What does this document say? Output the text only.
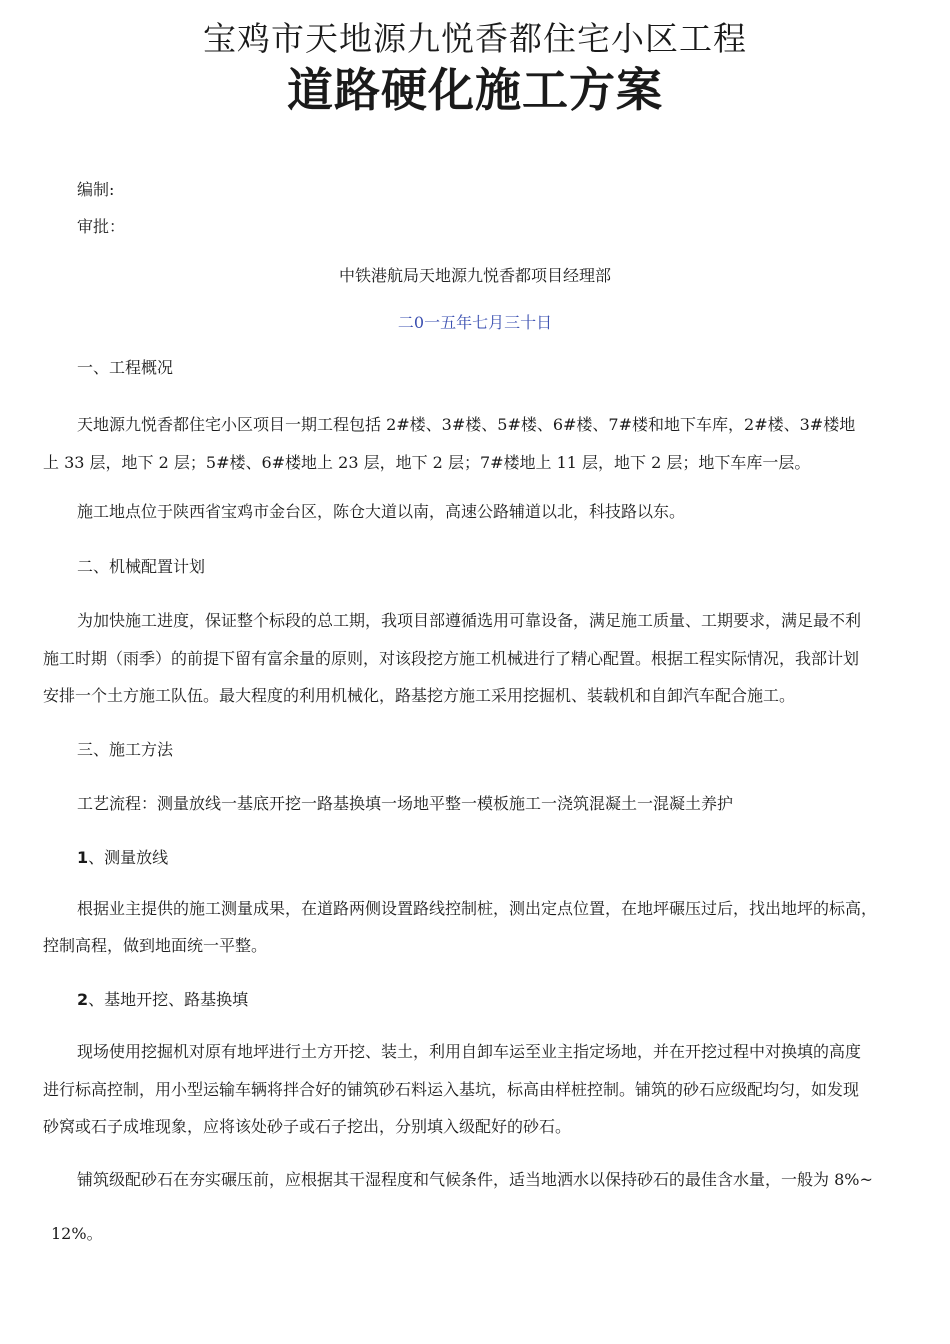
宝鸡市天地源九悦香都住宅小区工程
道路硬化施工方案
编制:
审批：
中铁港航局天地源九悦香都项目经理部
二0一五年七月三十日
一、工程概况
天地源九悦香都住宅小区项目一期工程包括 2#楼、3#楼、5#楼、6#楼、7#楼和地下车库，2#楼、3#楼地
上 33 层，地下 2 层；5#楼、6#楼地上 23 层，地下 2 层；7#楼地上 11 层，地下 2 层；地下车库一层。
施工地点位于陕西省宝鸡市金台区，陈仓大道以南，高速公路辅道以北，科技路以东。
二、机械配置计划
为加快施工进度，保证整个标段的总工期，我项目部遵循选用可靠设备，满足施工质量、工期要求，满足最不利
施工时期（雨季）的前提下留有富余量的原则，对该段挖方施工机械进行了精心配置。根据工程实际情况，我部计划
安排一个土方施工队伍。最大程度的利用机械化，路基挖方施工采用挖掘机、装载机和自卸汽车配合施工。
三、施工方法
工艺流程：测量放线一基底开挖一路基换填一场地平整一模板施工一浇筑混凝土一混凝土养护
1、测量放线
根据业主提供的施工测量成果，在道路两侧设置路线控制桩，测出定点位置，在地坪碾压过后，找出地坪的标高，
控制高程，做到地面统一平整。
2、基地开挖、路基换填
现场使用挖掘机对原有地坪进行土方开挖、装土，利用自卸车运至业主指定场地，并在开挖过程中对换填的高度
进行标高控制，用小型运输车辆将拌合好的铺筑砂石料运入基坑，标高由样桩控制。铺筑的砂石应级配均匀，如发现
砂窝或石子成堆现象，应将该处砂子或石子挖出，分别填入级配好的砂石。
铺筑级配砂石在夯实碾压前，应根据其干湿程度和气候条件，适当地洒水以保持砂石的最佳含水量，一般为 8%~
12%。
